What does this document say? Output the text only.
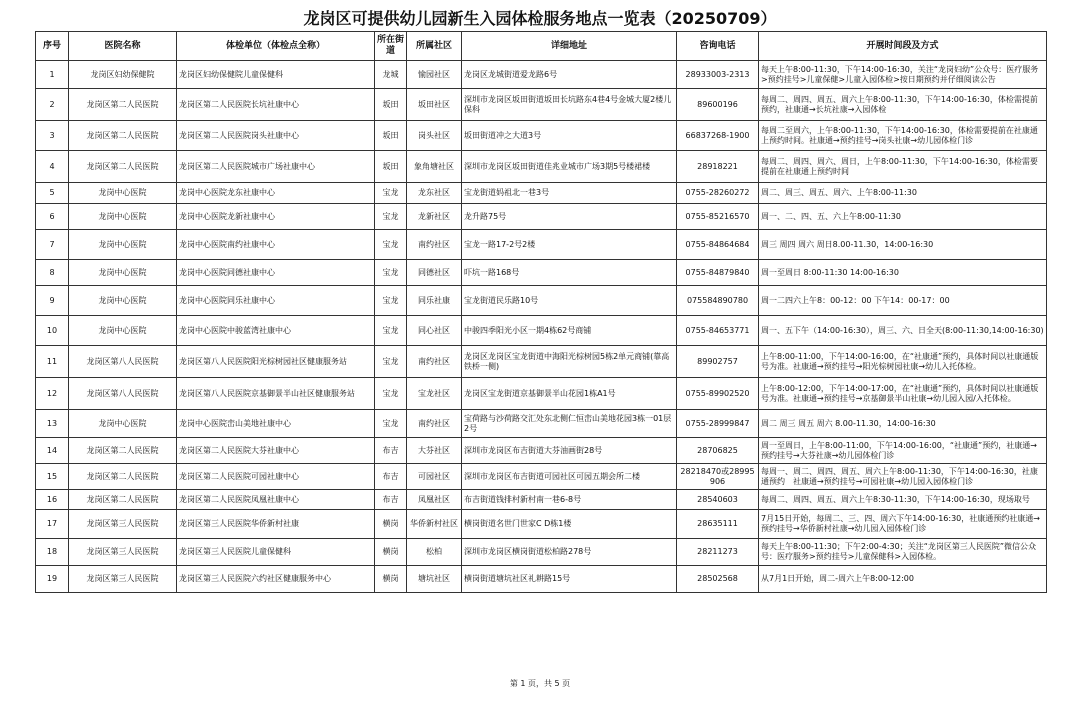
龙岗区可提供幼儿园新生入园体检服务地点一览表（20250709）
序号	医院名称	体检单位（体检点全称）	所在街道	所属社区	详细地址	咨询电话	开展时间段及方式
1	龙岗区妇幼保健院	龙岗区妇幼保健院儿童保健科	龙城	愉园社区	龙岗区龙城街道爱龙路6号	28933003-2313	每天上午8:00-11:30，下午14:00-16:30，关注“龙岗妇幼”公众号：医疗服务>预约挂号>儿童保健>儿童入园体检>按日期预约并仔细阅读公告
2	龙岗区第二人民医院	龙岗区第二人民医院长坑社康中心	坂田	坂田社区	深圳市龙岗区坂田街道坂田长坑路东4巷4号金城大厦2楼儿保科	89600196	每周二、周四、周五、周六上午8:00-11:30，下午14:00-16:30，体检需提前预约，社康通→长坑社康→入园体检
3	龙岗区第二人民医院	龙岗区第二人民医院岗头社康中心	坂田	岗头社区	坂田街道冲之大道3号	66837268-1900	每周二至周六，上午8:00-11:30，下午14:00-16:30，体检需要提前在社康通上预约时间。社康通→预约挂号→岗头社康→幼儿园体检门诊
4	龙岗区第二人民医院	龙岗区第二人民医院城市广场社康中心	坂田	象角塘社区	深圳市龙岗区坂田街道佳兆业城市广场3期5号楼裙楼	28918221	每周二、周四、周六、周日，上午8:00-11:30，下午14:00-16:30，体检需要提前在社康通上预约时间
5	龙岗中心医院	龙岗中心医院龙东社康中心	宝龙	龙东社区	宝龙街道妈祖北一巷3号	0755-28260272	周二、周三、周五、周六、上午8:00-11:30
6	龙岗中心医院	龙岗中心医院龙新社康中心	宝龙	龙新社区	龙升路75号	0755-85216570	周一、二、四、五、六上午8:00-11:30
7	龙岗中心医院	龙岗中心医院南约社康中心	宝龙	南约社区	宝龙一路17-2号2楼	0755-84864684	周三 周四 周六 周日8.00-11.30，14:00-16:30
8	龙岗中心医院	龙岗中心医院同德社康中心	宝龙	同德社区	吓坑一路168号	0755-84879840	周一至周日 8:00-11:30 14:00-16:30
9	龙岗中心医院	龙岗中心医院同乐社康中心	宝龙	同乐社康	宝龙街道民乐路10号	075584890780	周一二四六上午8：00-12：00 下午14：00-17：00
10	龙岗中心医院	龙岗中心医院中骏蓝湾社康中心	宝龙	同心社区	中骏四季阳光小区一期4栋62号商铺	0755-84653771	周一、五下午（14:00-16:30），周三、六、日全天(8:00-11:30,14:00-16:30)
11	龙岗区第八人民医院	龙岗区第八人民医院阳光棕树园社区健康服务站	宝龙	南约社区	龙岗区龙岗区宝龙街道中海阳光棕树园5栋2单元商铺(靠高铁桥一侧)	89902757	上午8:00-11:00，下午14:00-16:00，在“社康通”预约，具体时间以社康通版号为准。社康通→预约挂号→阳光棕树园社康→幼儿入托体检。
12	龙岗区第八人民医院	龙岗区第八人民医院京基御景半山社区健康服务站	宝龙	宝龙社区	龙岗区宝龙街道京基御景半山花园1栋A1号	0755-89902520	上午8:00-12:00，下午14:00-17:00，在“社康通”预约，具体时间以社康通版号为准。社康通→预约挂号→京基御景半山社康→幼儿园入园/入托体检。
13	龙岗中心医院	龙岗中心医院峦山美地社康中心	宝龙	南约社区	宝荷路与沙荷路交汇处东北侧仁恒峦山美地花园3栋一01层2号	0755-28999847	周二 周三 周五 周六 8.00-11.30，14:00-16:30
14	龙岗区第二人民医院	龙岗区第二人民医院大芬社康中心	布吉	大芬社区	深圳市龙岗区布吉街道大芬油画街28号	28706825	周一至周日，上午8:00-11:00，下午14:00-16:00，“社康通”预约，社康通→预约挂号→大芬社康→幼儿园体检门诊
15	龙岗区第二人民医院	龙岗区第二人民医院可园社康中心	布吉	可园社区	深圳市龙岗区布吉街道可园社区可园五期会所二楼	28218470或28995906	每周一、周二、周四、周五、周六上午8:00-11:30，下午14:00-16:30，社康通预约　社康通→预约挂号→可园社康→幼儿园入园体检门诊
16	龙岗区第二人民医院	龙岗区第二人民医院凤凰社康中心	布吉	凤凰社区	布吉街道钱排村新村南一巷6-8号	28540603	每周二、周四、周五、周六上午8:30-11:30，下午14:00-16:30，现场取号
17	龙岗区第三人民医院	龙岗区第三人民医院华侨新村社康	横岗	华侨新村社区	横岗街道名世门世家C D栋1楼	28635111	7月15日开始，每周二、三、四、周六下午14:00-16:30，社康通预约社康通→预约挂号→华侨新村社康→幼儿园入园体检门诊
18	龙岗区第三人民医院	龙岗区第三人民医院儿童保健科	横岗	松柏	深圳市龙岗区横岗街道松柏路278号	28211273	每天上午8:00-11:30；下午2:00-4:30；关注“龙岗区第三人民医院”微信公众号：医疗服务>预约挂号>儿童保健科>入园体检。
19	龙岗区第三人民医院	龙岗区第三人民医院六约社区健康服务中心	横岗	塘坑社区	横岗街道塘坑社区礼耕路15号	28502568	从7月1日开始，周二-周六上午8:00-12:00
第 1 页，共 5 页
